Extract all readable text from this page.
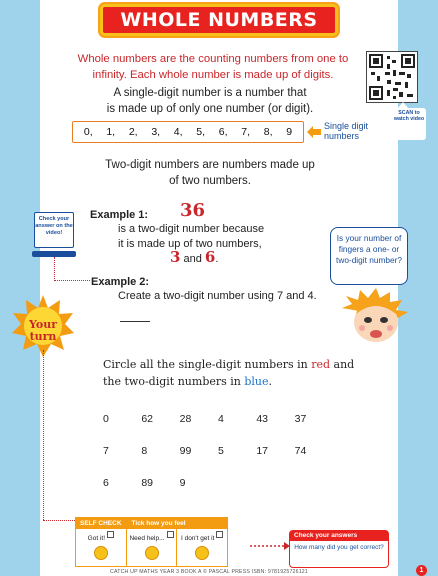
WHOLE NUMBERS
Whole numbers are the counting numbers from one to infinity. Each whole number is made up of digits.
SCAN to watch video
A single-digit number is a number that
is made up of only one number (or digit).
0, 1, 2, 3, 4, 5, 6, 7, 8, 9	Single digit numbers
Two-digit numbers are numbers made up
of two numbers.
Check your answer on the video!
Example 1: 36
is a two-digit number because
it is made up of two numbers,
3 and 6.
Example 2:
Create a two-digit number using 7 and 4.
Is your number of fingers a one- or two-digit number?
Your turn
Circle all the single-digit numbers in red and the two-digit numbers in blue.
0	62	28	4	43	37
7	8	99	5	17	74
6	89	9
SELF CHECK Tick how you feel
Got it!	Need help...	I don't get it	Check your answers
How many did you get correct?
CATCH UP MATHS YEAR 3 BOOK A © PASCAL PRESS ISBN: 9781925726121	1
